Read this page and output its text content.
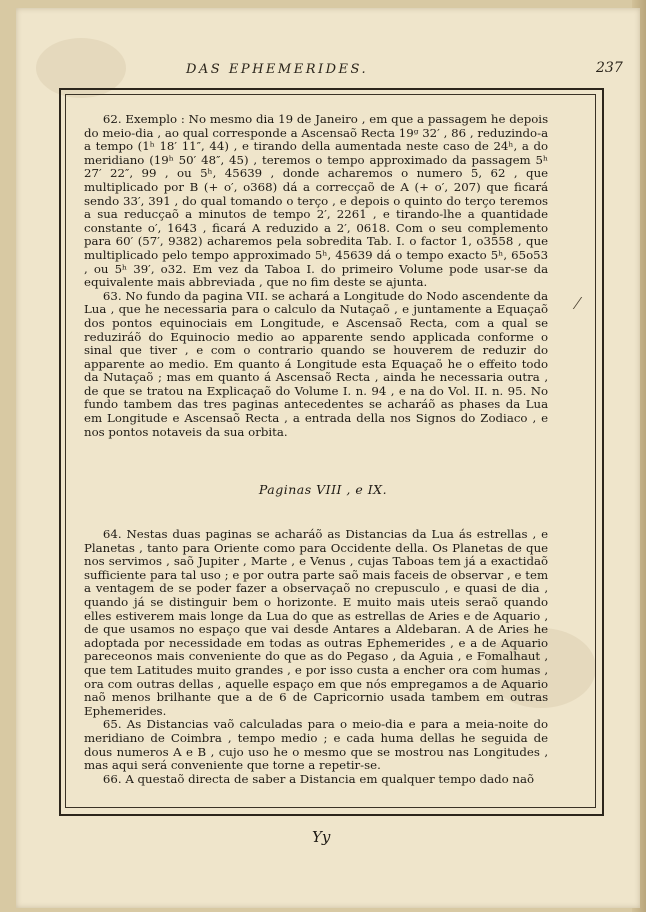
DAS EPHEMERIDES.	237

62. Exemplo : No mesmo dia 19 de Janeiro , em que a passagem he depois do meio-dia , ao qual corresponde a Ascensaõ Recta 19ᵍ 32′ , 86 , reduzindo-a a tempo (1ʰ 18′ 11″, 44) , e tirando della aumentada neste caso de 24ʰ, a do meridiano (19ʰ 50′ 48″, 45) , teremos o tempo approximado da passagem 5ʰ 27′ 22″, 99 , ou 5ʰ, 45639 , donde acharemos o numero 5, 62 , que multiplicado por B (+ o′, o368) dá a correcçaõ de A (+ o′, 207) que ficará sendo 33′, 391 , do qual tomando o terço , e depois o quinto do terço teremos a sua reducçaõ a minutos de tempo 2′, 2261 , e tirando-lhe a quantidade constante o′, 1643 , ficará A reduzido a 2′, 0618. Com o seu complemento para 60′ (57′, 9382) acharemos pela sobredita Tab. I. o factor 1, o3558 , que multiplicado pelo tempo approximado 5ʰ, 45639 dá o tempo exacto 5ʰ, 65o53 , ou 5ʰ 39′, o32. Em vez da Taboa I. do primeiro Volume pode usar-se da equivalente mais abbreviada , que no fim deste se ajunta.

63. No fundo da pagina VII. se achará a Longitude do Nodo ascendente da Lua , que he necessaria para o calculo da Nutaçaõ , e juntamente a Equaçaõ dos pontos equinociais em Longitude, e Ascensaõ Recta, com a qual se reduziráõ do Equinocio medio ao apparente sendo applicada conforme o sinal que tiver , e com o contrario quando se houverem de reduzir do apparente ao medio. Em quanto á Longitude esta Equaçaõ he o effeito todo da Nutaçaõ ; mas em quanto á Ascensaõ Recta , ainda he necessaria outra , de que se tratou na Explicaçaõ do Volume I. n. 94 , e na do Vol. II. n. 95. No fundo tambem das tres paginas antecedentes se acharáõ as phases da Lua em Longitude e Ascensaõ Recta , a entrada della nos Signos do Zodiaco , e nos pontos notaveis da sua orbita.

Paginas VIII , e IX.

64. Nestas duas paginas se acharáõ as Distancias da Lua ás estrellas , e Planetas , tanto para Oriente como para Occidente della. Os Planetas de que nos servimos , saõ Jupiter , Marte , e Venus , cujas Taboas tem já a exactidaõ sufficiente para tal uso ; e por outra parte saõ mais faceis de observar , e tem a ventagem de se poder fazer a observaçaõ no crepusculo , e quasi de dia , quando já se distinguir bem o horizonte. E muito mais uteis seraõ quando elles estiverem mais longe da Lua do que as estrellas de Aries e de Aquario , de que usamos no espaço que vai desde Antares a Aldebaran. A de Aries he adoptada por necessidade em todas as outras Ephemerides , e a de Aquario pareceonos mais conveniente do que as do Pegaso , da Aguia , e Fomalhaut , que tem Latitudes muito grandes , e por isso custa a encher ora com humas , ora com outras dellas , aquelle espaço em que nós empregamos a de Aquario naõ menos brilhante que a de 6 de Capricornio usada tambem em outras Ephemerides.

65. As Distancias vaõ calculadas para o meio-dia e para a meia-noite do meridiano de Coimbra , tempo medio ; e cada huma dellas he seguida de dous numeros A e B , cujo uso he o mesmo que se mostrou nas Longitudes , mas aqui será conveniente que torne a repetir-se.

66. A questaõ directa de saber a Distancia em qualquer tempo dado naõ

Yy
